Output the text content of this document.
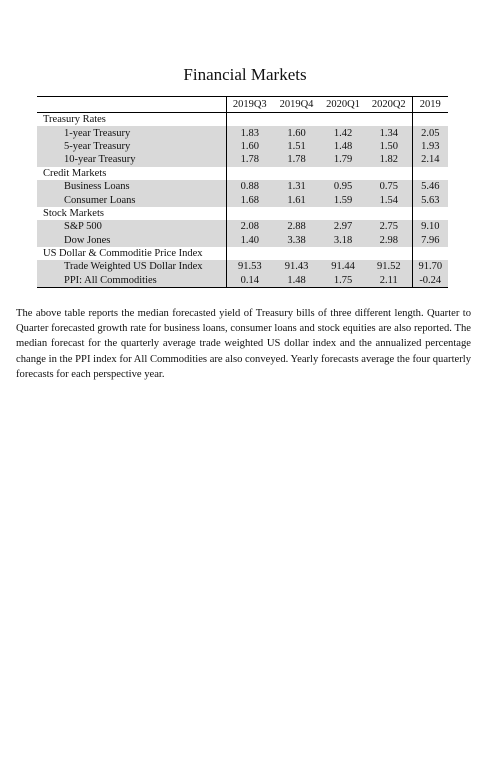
Financial Markets
	2019Q3	2019Q4	2020Q1	2020Q2	2019
Treasury Rates					
1-year Treasury	1.83	1.60	1.42	1.34	2.05
5-year Treasury	1.60	1.51	1.48	1.50	1.93
10-year Treasury	1.78	1.78	1.79	1.82	2.14
Credit Markets					
Business Loans	0.88	1.31	0.95	0.75	5.46
Consumer Loans	1.68	1.61	1.59	1.54	5.63
Stock Markets					
S&P 500	2.08	2.88	2.97	2.75	9.10
Dow Jones	1.40	3.38	3.18	2.98	7.96
US Dollar & Commoditie Price Index					
Trade Weighted US Dollar Index	91.53	91.43	91.44	91.52	91.70
PPI: All Commodities	0.14	1.48	1.75	2.11	-0.24
The above table reports the median forecasted yield of Treasury bills of three different length. Quarter to Quarter forecasted growth rate for business loans, consumer loans and stock equities are also reported. The median forecast for the quarterly average trade weighted US dollar index and the annualized percentage change in the PPI index for All Commodities are also conveyed. Yearly forecasts average the four quarterly forecasts for each perspective year.
